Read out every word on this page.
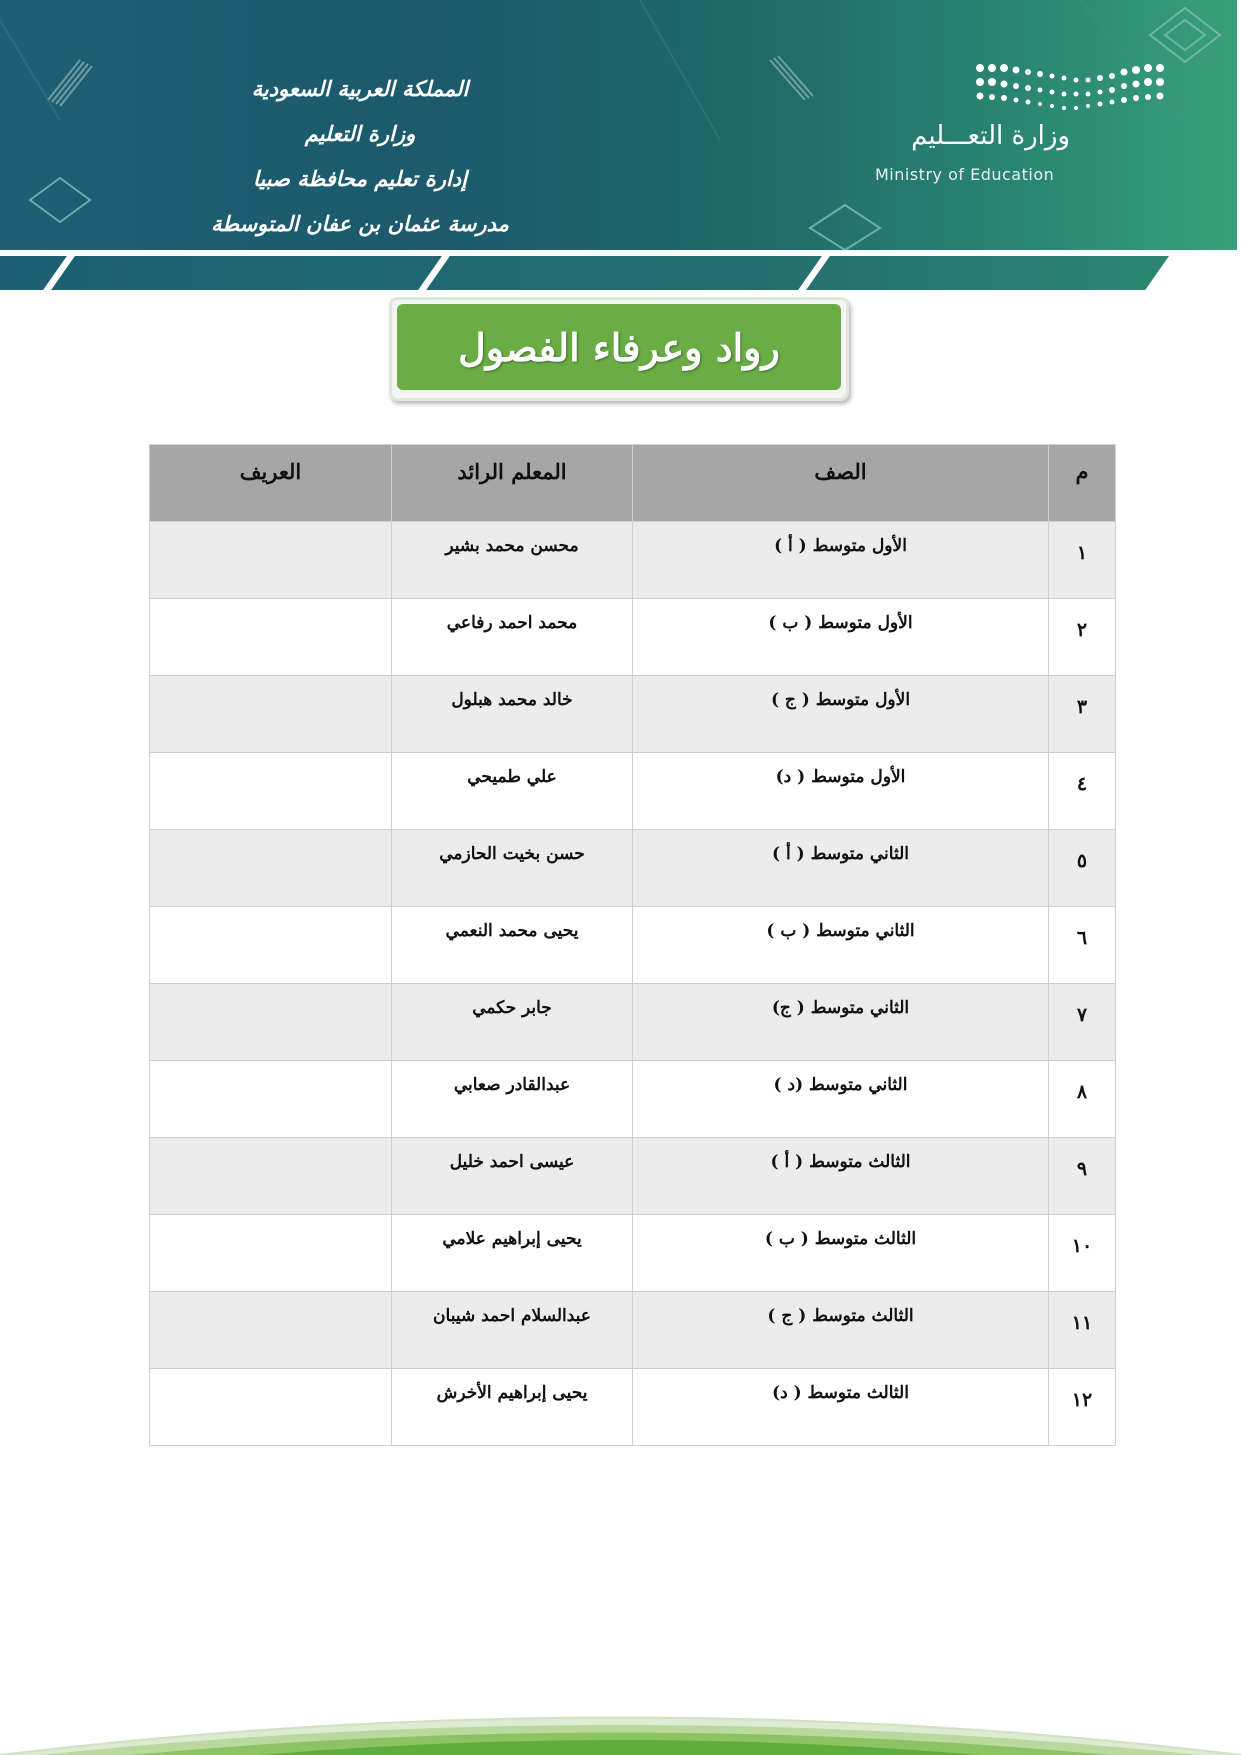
المملكة العربية السعودية
وزارة التعليم
إدارة تعليم محافظة صبيا
مدرسة عثمان بن عفان المتوسطة
وزارة التعـــليم
Ministry of Education
رواد وعرفاء الفصول
م	الصف	المعلم الرائد	العريف
١	الأول متوسط ( أ )	محسن محمد بشير	
٢	الأول متوسط ( ب )	محمد احمد رفاعي	
٣	الأول متوسط ( ج )	خالد محمد هبلول	
٤	الأول متوسط ( د)	علي طميحي	
٥	الثاني متوسط ( أ )	حسن بخيت الحازمي	
٦	الثاني متوسط ( ب )	يحيى محمد النعمي	
٧	الثاني متوسط ( ج)	جابر حكمي	
٨	الثاني متوسط (د )	عبدالقادر صعابي	
٩	الثالث متوسط ( أ )	عيسى احمد خليل	
١٠	الثالث متوسط ( ب )	يحيى إبراهيم علامي	
١١	الثالث متوسط ( ج )	عبدالسلام احمد شيبان	
١٢	الثالث متوسط ( د)	يحيى إبراهيم الأخرش	
